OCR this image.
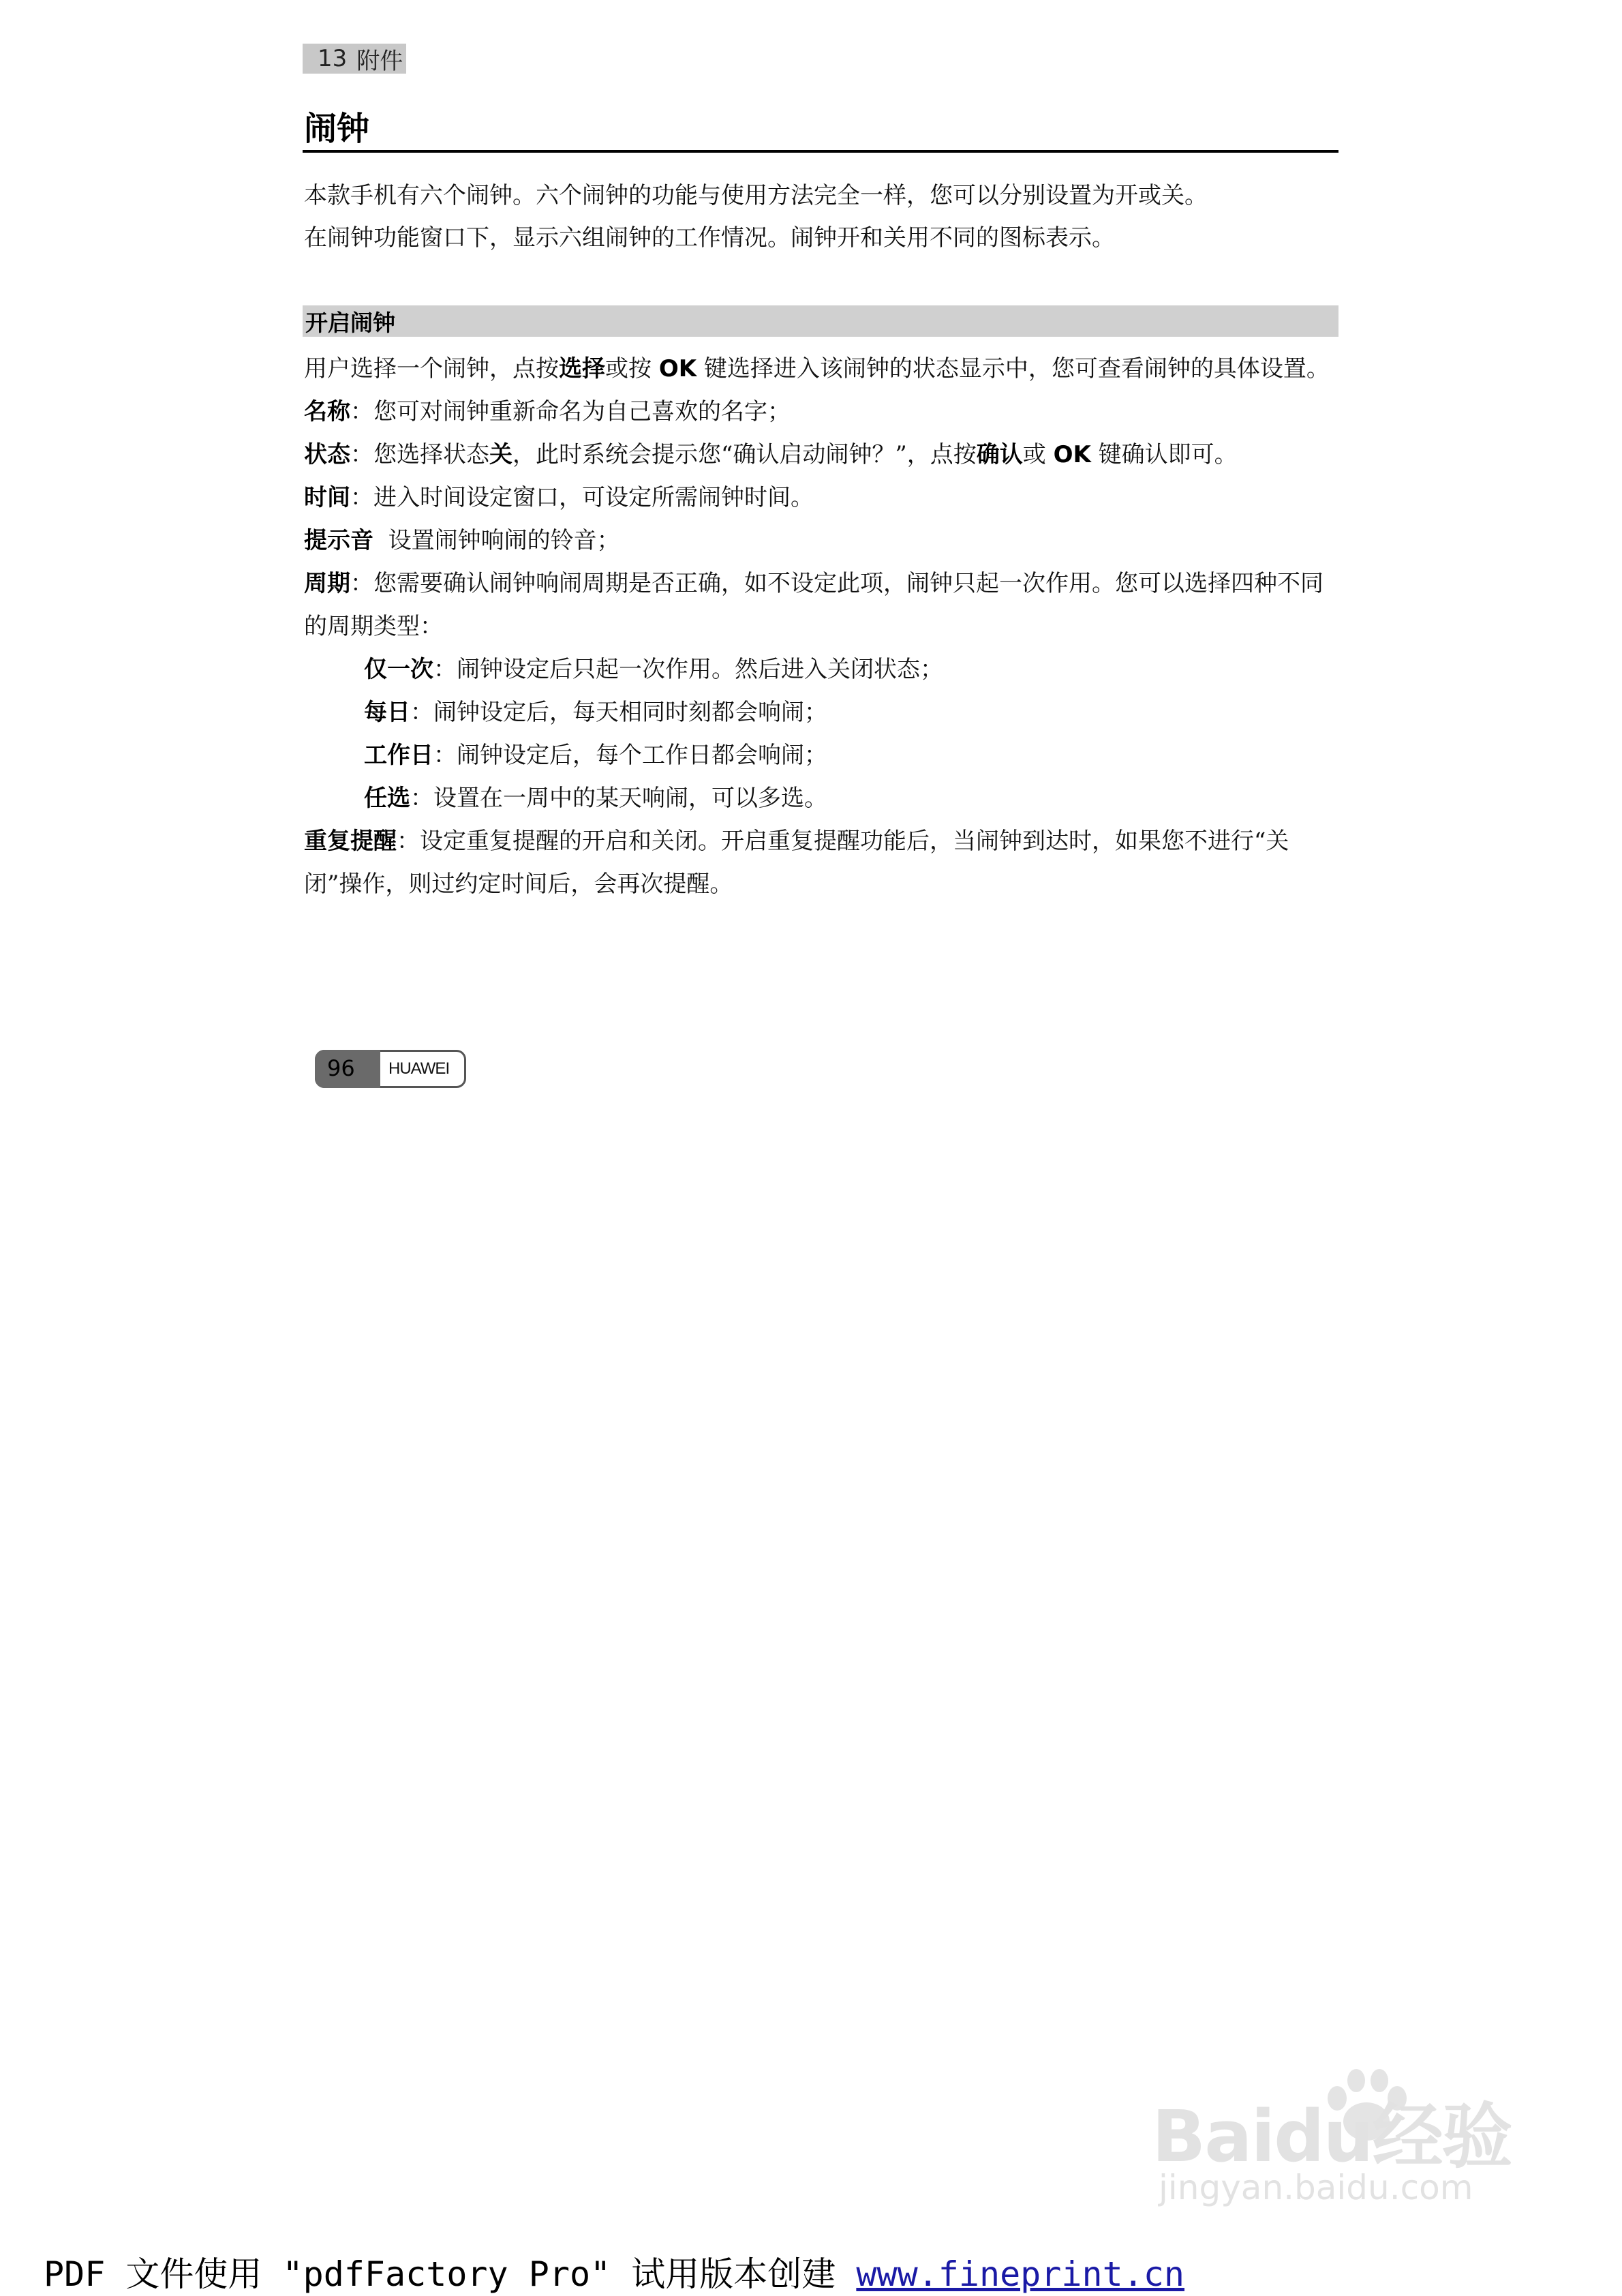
13 附件
闹钟
本款手机有六个闹钟。六个闹钟的功能与使用方法完全一样，您可以分别设置为开或关。
在闹钟功能窗口下，显示六组闹钟的工作情况。闹钟开和关用不同的图标表示。
开启闹钟

用户选择一个闹钟，点按选择或按 OK 键选择进入该闹钟的状态显示中，您可查看闹钟的具体设置。

名称：您可对闹钟重新命名为自己喜欢的名字；

状态：您选择状态关，此时系统会提示您“确认启动闹钟？”，点按确认或 OK 键确认即可。

时间：进入时间设定窗口，可设定所需闹钟时间。

提示音  设置闹钟响闹的铃音；

周期：您需要确认闹钟响闹周期是否正确，如不设定此项，闹钟只起一次作用。您可以选择四种不同的周期类型：

仅一次：闹钟设定后只起一次作用。然后进入关闭状态；

每日：闹钟设定后，每天相同时刻都会响闹；

工作日：闹钟设定后，每个工作日都会响闹；

任选：设置在一周中的某天响闹，可以多选。

重复提醒：设定重复提醒的开启和关闭。开启重复提醒功能后，当闹钟到达时，如果您不进行“关闭”操作，则过约定时间后，会再次提醒。

96 HUAWEI
Baidu经验
jingyan.baidu.com
PDF 文件使用 "pdfFactory Pro" 试用版本创建 www.fineprint.cn
